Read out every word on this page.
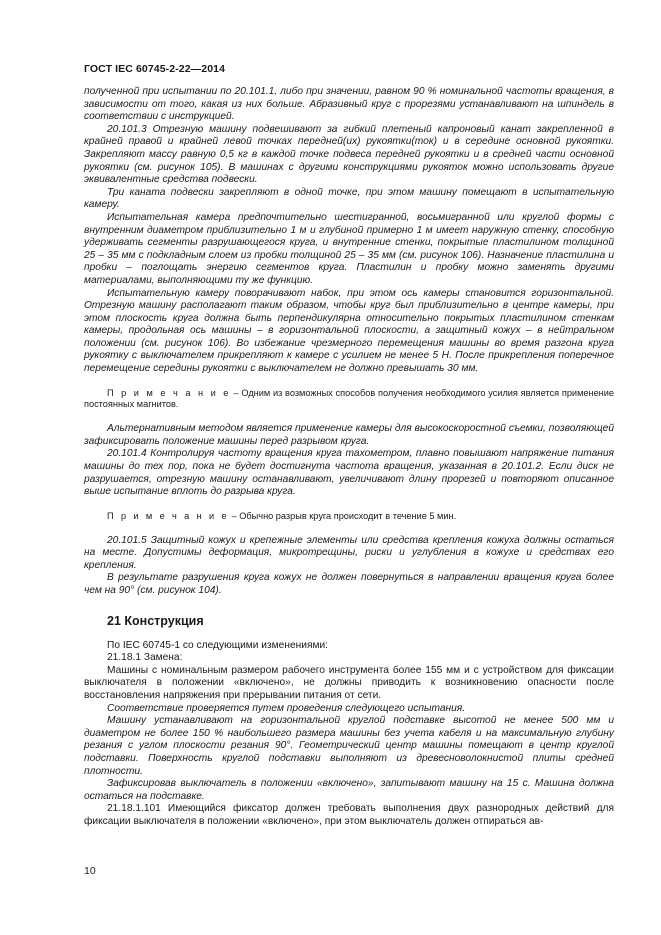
ГОСТ IEC 60745-2-22—2014

полученной при испытании по 20.101.1, либо при значении, равном 90 % номинальной частоты вращения, в зависимости от того, какая из них больше. Абразивный круг с прорезями устанавливают на шпиндель в соответствии с инструкцией.

20.101.3 Отрезную машину подвешивают за гибкий плетеный капроновый канат закрепленной в крайней правой и крайней левой точках передней(их) рукоятки(ток) и в середине основной рукоятки. Закрепляют массу равную 0,5 кг в каждой точке подвеса передней рукоятки и в средней части основной рукоятки (см. рисунок 105). В машинах с другими конструкциями рукояток можно использовать другие эквивалентные средства подвески.

Три каната подвески закрепляют в одной точке, при этом машину помещают в испытательную камеру.

Испытательная камера предпочтительно шестигранной, восьмигранной или круглой формы с внутренним диаметром приблизительно 1 м и глубиной примерно 1 м имеет наружную стенку, способную удерживать сегменты разрушающегося круга, и внутренние стенки, покрытые пластилином толщиной 25 – 35 мм с подкладным слоем из пробки толщиной 25 – 35 мм (см. рисунок 106). Назначение пластилина и пробки – поглощать энергию сегментов круга. Пластилин и пробку можно заменять другими материалами, выполняющими ту же функцию.

Испытательную камеру поворачивают набок, при этом ось камеры становится горизонтальной. Отрезную машину располагают таким образом, чтобы круг был приблизительно в центре камеры, при этом плоскость круга должна быть перпендикулярна относительно покрытых пластилином стенкам камеры, продольная ось машины – в горизонтальной плоскости, а защитный кожух – в нейтральном положении (см. рисунок 106). Во избежание чрезмерного перемещения машины во время разгона круга рукоятку с выключателем прикрепляют к камере с усилием не менее 5 Н. После прикрепления поперечное перемещение середины рукоятки с выключателем не должно превышать 30 мм.

П р и м е ч а н и е – Одним из возможных способов получения необходимого усилия является применение постоянных магнитов.

Альтернативным методом является применение камеры для высокоскоростной съемки, позволяющей зафиксировать положение машины перед разрывом круга.

20.101.4 Контролируя частоту вращения круга тахометром, плавно повышают напряжение питания машины до тех пор, пока не будет достигнута частота вращения, указанная в 20.101.2. Если диск не разрушается, отрезную машину останавливают, увеличивают длину прорезей и повторяют описанное выше испытание вплоть до разрыва круга.

П р и м е ч а н и е – Обычно разрыв круга происходит в течение 5 мин.

20.101.5 Защитный кожух и крепежные элементы или средства крепления кожуха должны остаться на месте. Допустимы деформация, микротрещины, риски и углубления в кожухе и средствах его крепления.

В результате разрушения круга кожух не должен повернуться в направлении вращения круга более чем на 90° (см. рисунок 104).

21 Конструкция

По IEC 60745-1 со следующими изменениями:

21.18.1 Замена:

Машины с номинальным размером рабочего инструмента более 155 мм и с устройством для фиксации выключателя в положении «включено», не должны приводить к возникновению опасности после восстановления напряжения при прерывании питания от сети.

Соответствие проверяется путем проведения следующего испытания.

Машину устанавливают на горизонтальной круглой подставке высотой не менее 500 мм и диаметром не более 150 % наибольшего размера машины без учета кабеля и на максимальную глубину резания с углом плоскости резания 90°. Геометрический центр машины помещают в центр круглой подставки. Поверхность круглой подставки выполняют из древесноволокнистой плиты средней плотности.

Зафиксировав выключатель в положении «включено», запитывают машину на 15 с. Машина должна остаться на подставке.

21.18.1.101 Имеющийся фиксатор должен требовать выполнения двух разнородных действий для фиксации выключателя в положении «включено», при этом выключатель должен отпираться ав-

10
